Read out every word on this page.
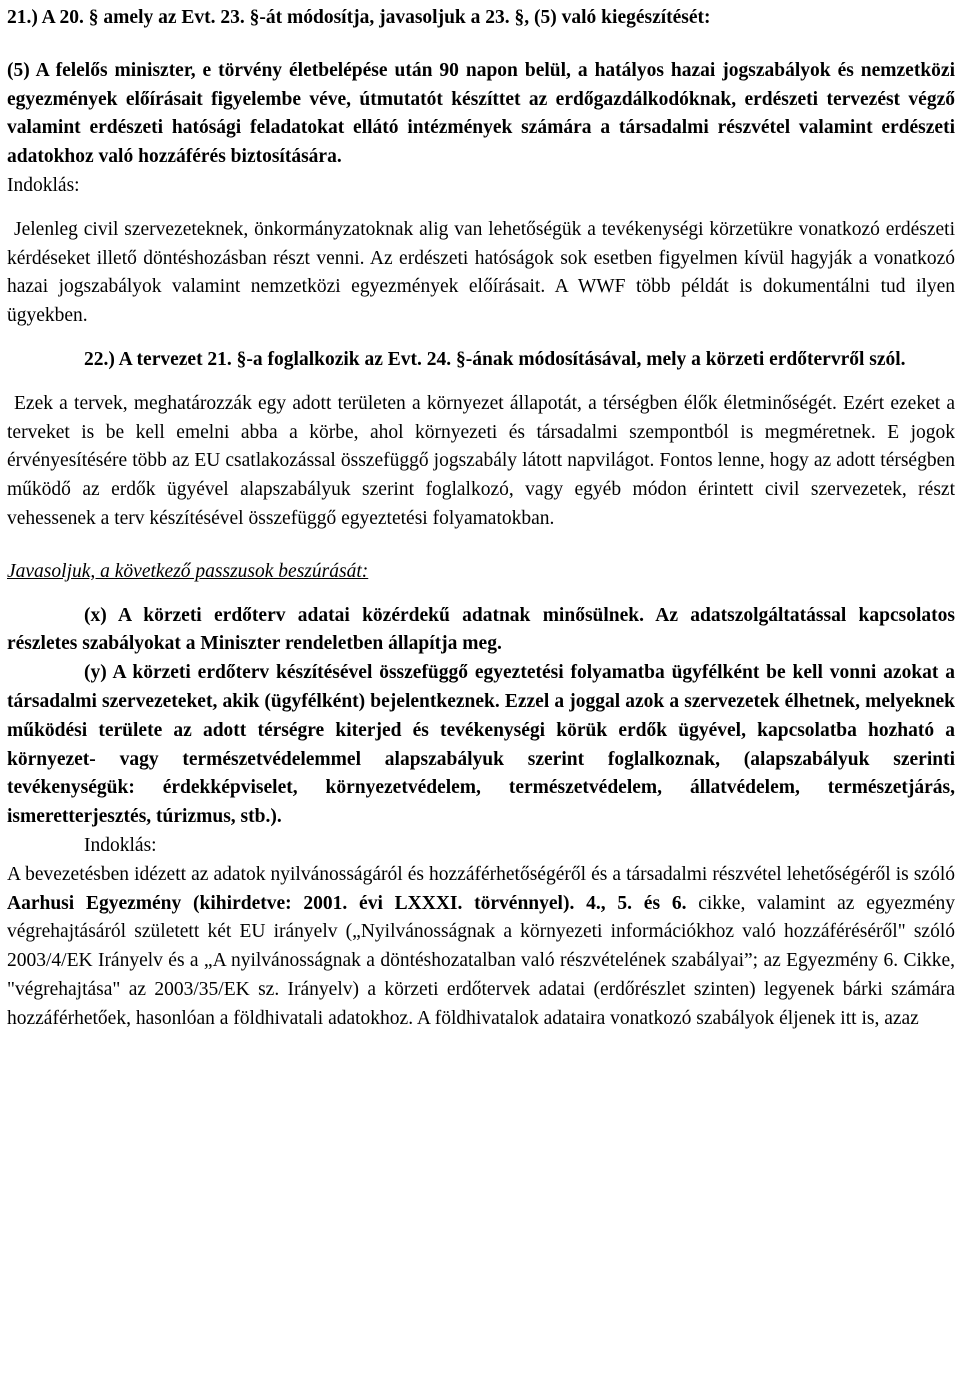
21.) A 20. § amely az Evt. 23. §-át módosítja, javasoljuk a 23. §, (5) való kiegészítését:

(5) A felelős miniszter, e törvény életbelépése után 90 napon belül, a hatályos hazai jogszabályok és nemzetközi egyezmények előírásait figyelembe véve, útmutatót készíttet az erdőgazdálkodóknak, erdészeti tervezést végző valamint erdészeti hatósági feladatokat ellátó intézmények számára a társadalmi részvétel valamint erdészeti adatokhoz való hozzáférés biztosítására.

Indoklás:

Jelenleg civil szervezeteknek, önkormányzatoknak alig van lehetőségük a tevékenységi körzetükre vonatkozó erdészeti kérdéseket illető döntéshozásban részt venni. Az erdészeti hatóságok sok esetben figyelmen kívül hagyják a vonatkozó hazai jogszabályok valamint nemzetközi egyezmények előírásait. A WWF több példát is dokumentálni tud ilyen ügyekben.

22.) A tervezet 21. §-a foglalkozik az Evt. 24. §-ának módosításával, mely a körzeti erdőtervről szól.

Ezek a tervek, meghatározzák egy adott területen a környezet állapotát, a térségben élők életminőségét. Ezért ezeket a terveket is be kell emelni abba a körbe, ahol környezeti és társadalmi szempontból is megméretnek. E jogok érvényesítésére több az EU csatlakozással összefüggő jogszabály látott napvilágot. Fontos lenne, hogy az adott térségben működő az erdők ügyével alapszabályuk szerint foglalkozó, vagy egyéb módon érintett civil szervezetek, részt vehessenek a terv készítésével összefüggő egyeztetési folyamatokban.

Javasoljuk, a következő passzusok beszúrását:

(x) A körzeti erdőterv adatai közérdekű adatnak minősülnek. Az adatszolgáltatással kapcsolatos részletes szabályokat a Miniszter rendeletben állapítja meg.

(y) A körzeti erdőterv készítésével összefüggő egyeztetési folyamatba ügyfélként be kell vonni azokat a társadalmi szervezeteket, akik (ügyfélként) bejelentkeznek. Ezzel a joggal azok a szervezetek élhetnek, melyeknek működési területe az adott térségre kiterjed és tevékenységi körük erdők ügyével, kapcsolatba hozható a környezet- vagy természetvédelemmel alapszabályuk szerint foglalkoznak, (alapszabályuk szerinti tevékenységük: érdekképviselet, környezetvédelem, természetvédelem, állatvédelem, természetjárás, ismeretterjesztés, túrizmus, stb.).

Indoklás:

A bevezetésben idézett az adatok nyilvánosságáról és hozzáférhetőségéről és a társadalmi részvétel lehetőségéről is szóló Aarhusi Egyezmény (kihirdetve: 2001. évi LXXXI. törvénnyel). 4., 5. és 6. cikke, valamint az egyezmény végrehajtásáról született két EU irányelv („Nyilvánosságnak a környezeti információkhoz való hozzáféréséről" szóló 2003/4/EK Irányelv és a „A nyilvánosságnak a döntéshozatalban való részvételének szabályai”; az Egyezmény 6. Cikke, "végrehajtása" az 2003/35/EK sz. Irányelv) a körzeti erdőtervek adatai (erdőrészlet szinten) legyenek bárki számára hozzáférhetőek, hasonlóan a földhivatali adatokhoz. A földhivatalok adataira vonatkozó szabályok éljenek itt is, azaz
